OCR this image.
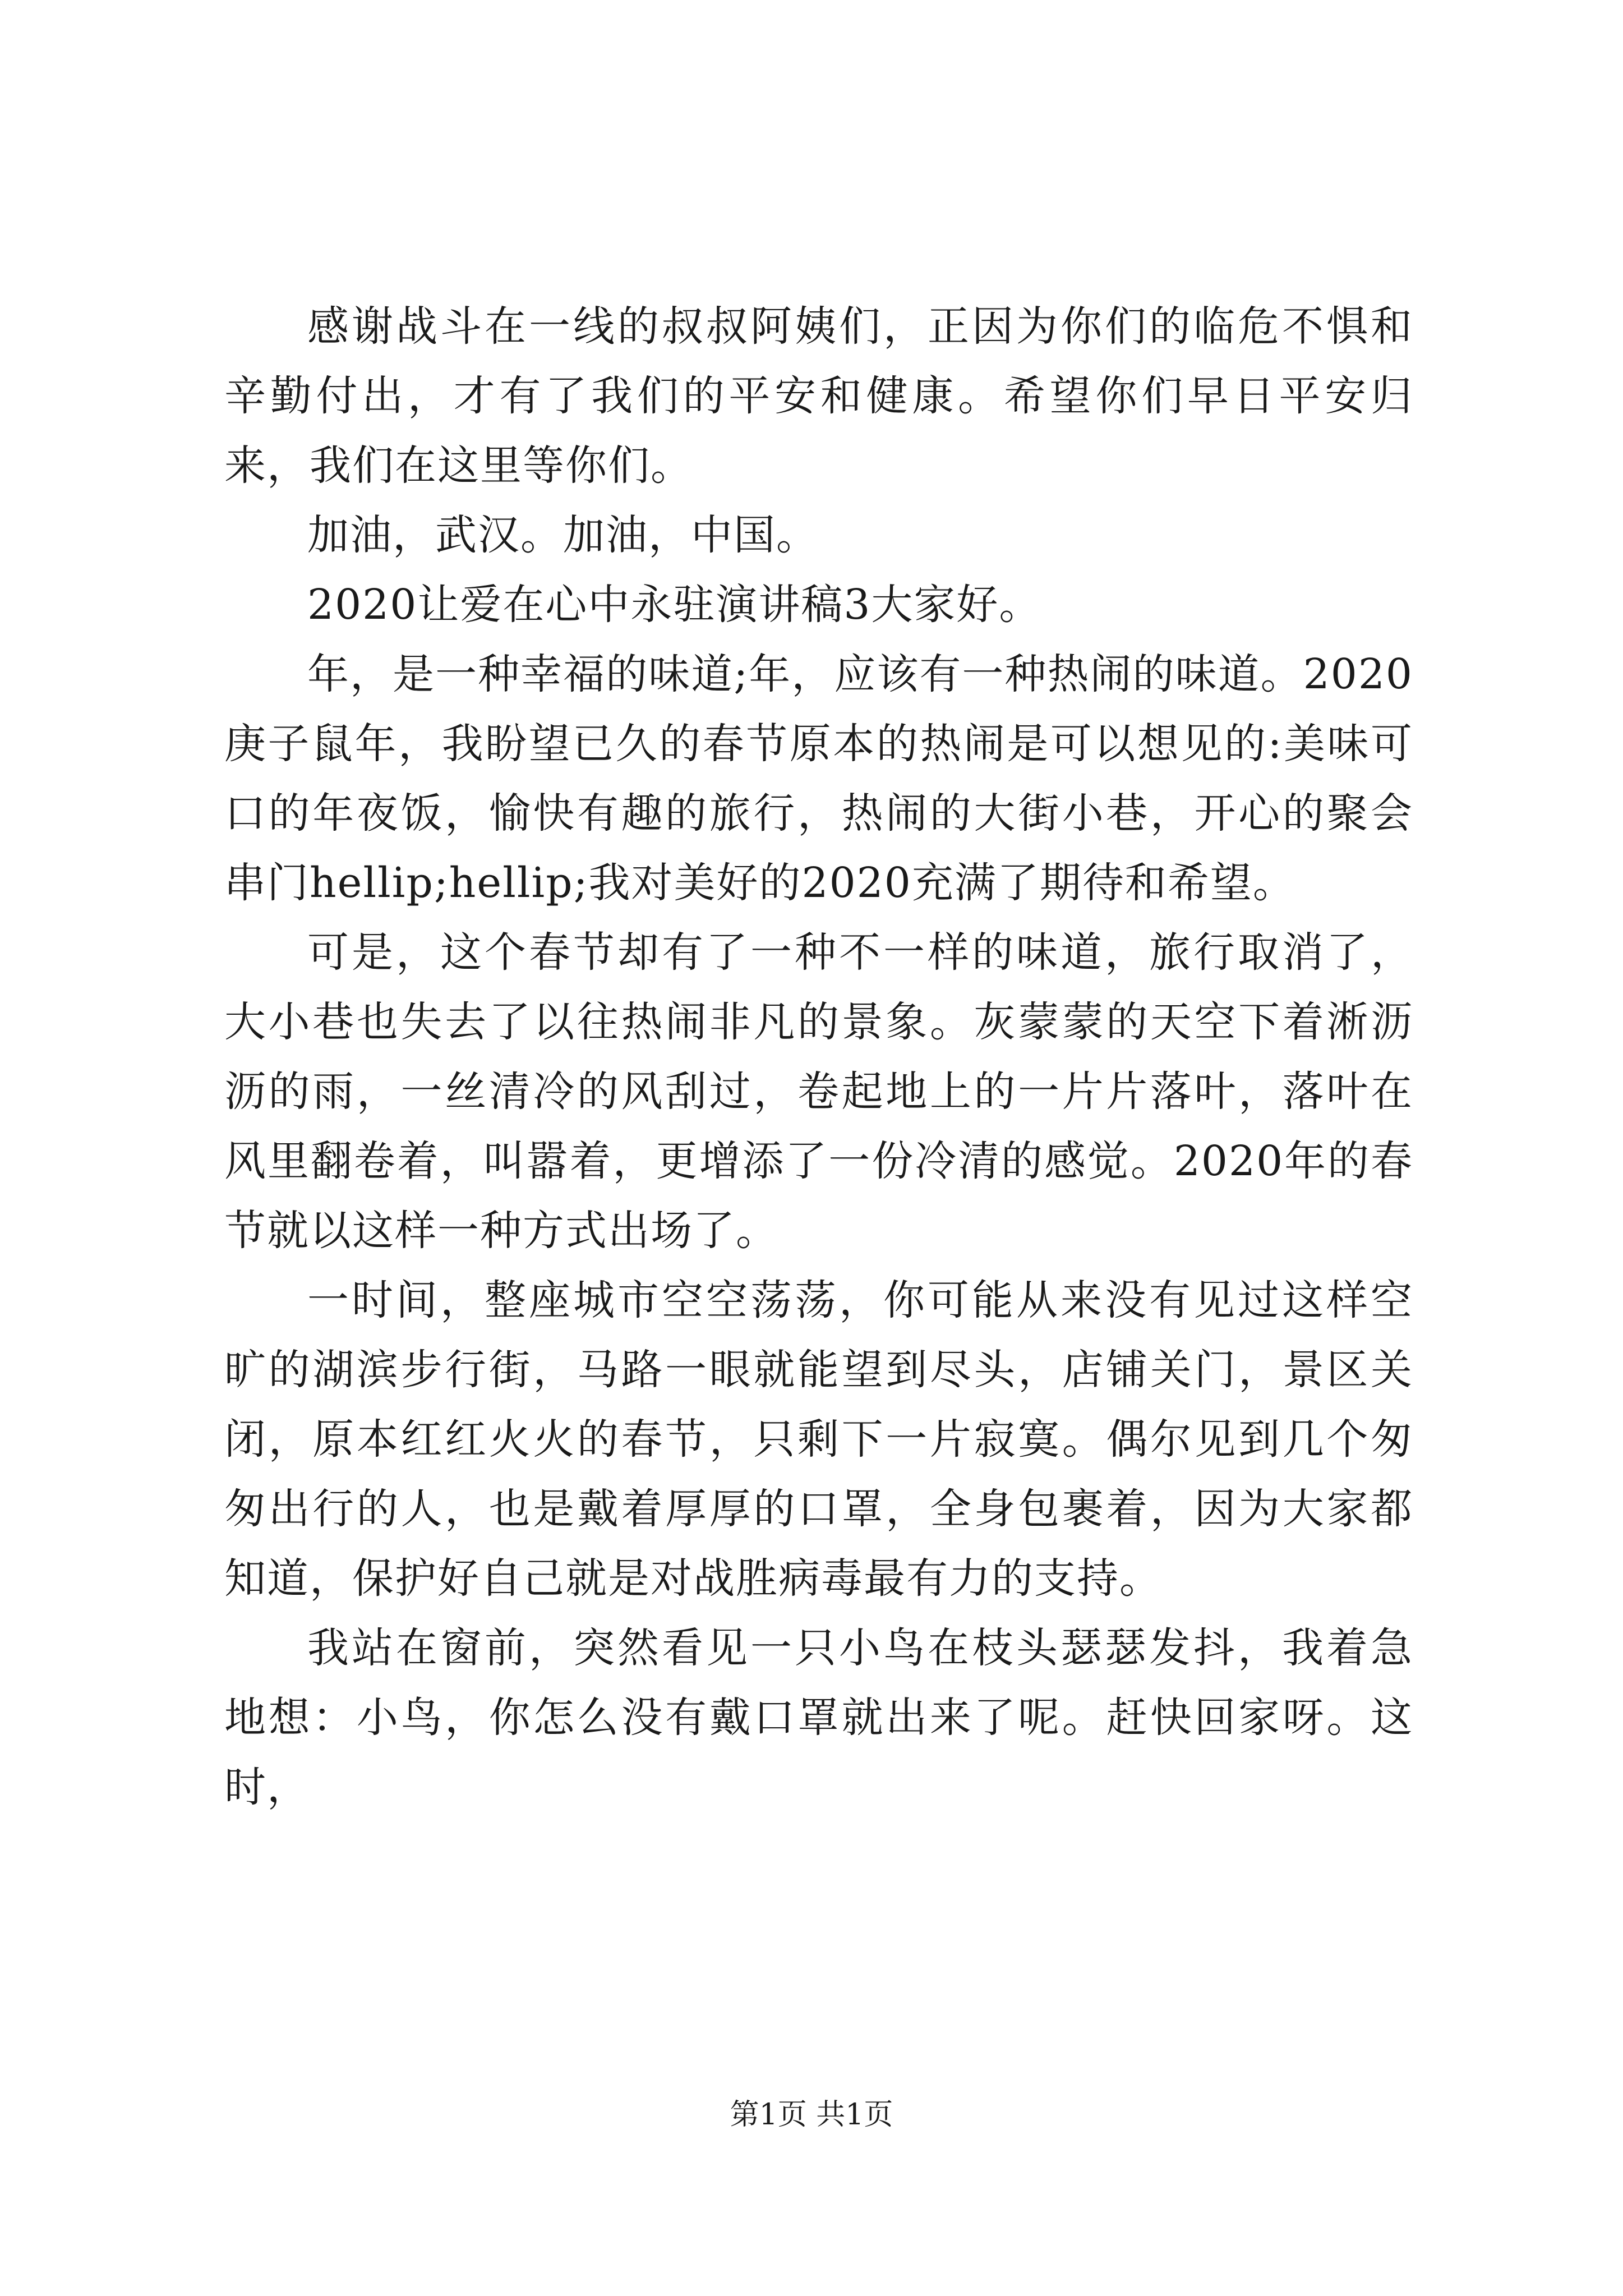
感谢战斗在一线的叔叔阿姨们，正因为你们的临危不惧和辛勤付出，才有了我们的平安和健康。希望你们早日平安归来，我们在这里等你们。

加油，武汉。加油，中国。

2020让爱在心中永驻演讲稿3大家好。

年，是一种幸福的味道;年，应该有一种热闹的味道。2020庚子鼠年，我盼望已久的春节原本的热闹是可以想见的:美味可口的年夜饭，愉快有趣的旅行，热闹的大街小巷，开心的聚会串门hellip;hellip;我对美好的2020充满了期待和希望。

可是，这个春节却有了一种不一样的味道，旅行取消了，大小巷也失去了以往热闹非凡的景象。灰蒙蒙的天空下着淅沥沥的雨，一丝清冷的风刮过，卷起地上的一片片落叶，落叶在风里翻卷着，叫嚣着，更增添了一份冷清的感觉。2020年的春节就以这样一种方式出场了。

一时间，整座城市空空荡荡，你可能从来没有见过这样空旷的湖滨步行街，马路一眼就能望到尽头，店铺关门，景区关闭，原本红红火火的春节，只剩下一片寂寞。偶尔见到几个匆匆出行的人，也是戴着厚厚的口罩，全身包裹着，因为大家都知道，保护好自己就是对战胜病毒最有力的支持。

我站在窗前，突然看见一只小鸟在枝头瑟瑟发抖，我着急地想：小鸟，你怎么没有戴口罩就出来了呢。赶快回家呀。这时，

第1页 共1页
